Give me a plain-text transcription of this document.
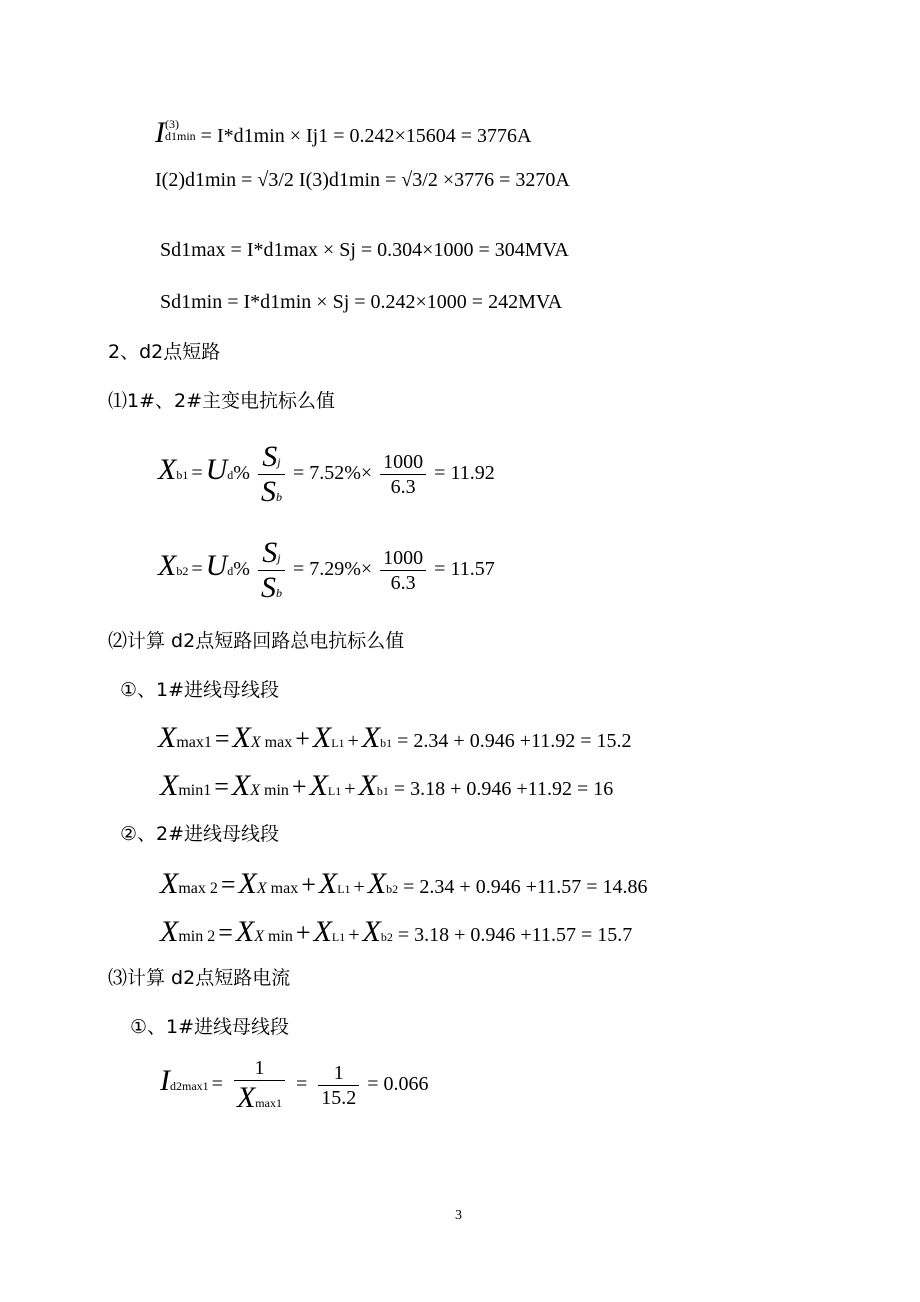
I (3)
d1min = I*d1min × Ij1 = 0.242×15604 = 3776A
I(2)d1min = √3/2 I(3)d1min = √3/2 ×3776 = 3270A
Sd1max = I*d1max × Sj = 0.304×1000 = 304MVA
Sd1min = I*d1min × Sj = 0.242×1000 = 242MVA
2、d2点短路
⑴1#、2#主变电抗标么值
$Xb1 = Ud\% \frac{Sj}{Sb} = 7.52\%\times \frac{1000}{6.3} = 11.92$
$Xb2 = Ud\% \frac{Sj}{Sb} = 7.29\%\times \frac{1000}{6.3} = 11.57$
⑵计算 d2点短路回路总电抗标么值
①、1#进线母线段
Xmax1 = XX max + XL1 + Xb1 = 2.34 + 0.946 +11.92 = 15.2
Xmin1 = XX min + XL1 + Xb1 = 3.18 + 0.946 +11.92 = 16
②、2#进线母线段
Xmax 2 = XX max + XL1 + Xb2 = 2.34 + 0.946 +11.57 = 14.86
Xmin 2 = XX min + XL1 + Xb2 = 3.18 + 0.946 +11.57 = 15.7
⑶计算 d2点短路电流
①、1#进线母线段
$Id2\max 1 = \frac{1}{Xmax1} = \frac{1}{15.2} = 0.066$
3
